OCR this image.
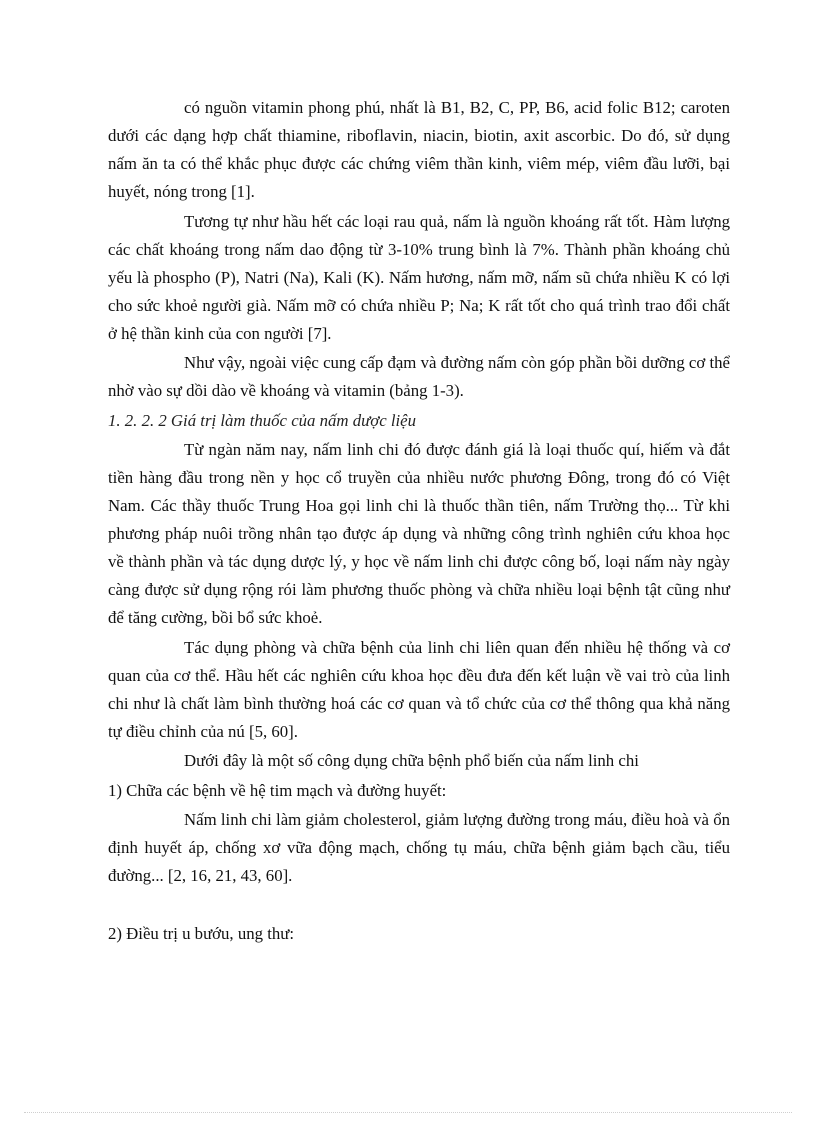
có nguồn vitamin phong phú, nhất là B1, B2, C, PP, B6, acid folic B12; caroten dưới các dạng hợp chất thiamine, riboflavin, niacin, biotin, axit ascorbic. Do đó, sử dụng nấm ăn ta có thể khắc phục được các chứng viêm thần kinh, viêm mép, viêm đầu lưỡi, bại huyết, nóng trong [1].

Tương tự như hầu hết các loại rau quả, nấm là nguồn khoáng rất tốt. Hàm lượng các chất khoáng trong nấm dao động từ 3-10% trung bình là 7%. Thành phần khoáng chủ yếu là phospho (P), Natri (Na), Kali (K). Nấm hương, nấm mỡ, nấm sũ chứa nhiều K có lợi cho sức khoẻ người già. Nấm mỡ có chứa nhiều P; Na; K rất tốt cho quá trình trao đổi chất ở hệ thần kinh của con người [7].

Như vậy, ngoài việc cung cấp đạm và đường nấm còn góp phần bồi dưỡng cơ thể nhờ vào sự dồi dào về khoáng và vitamin (bảng 1-3).

1. 2. 2. 2 Giá trị làm thuốc của nấm dược liệu

Từ ngàn năm nay, nấm linh chi đó được đánh giá là loại thuốc quí, hiếm và đắt tiền hàng đầu trong nền y học cổ truyền của nhiều nước phương Đông, trong đó có Việt Nam. Các thầy thuốc Trung Hoa gọi linh chi là thuốc thần tiên, nấm Trường thọ... Từ khi phương pháp nuôi trồng nhân tạo được áp dụng và những công trình nghiên cứu khoa học về thành phần và tác dụng dược lý, y học về nấm linh chi được công bố, loại nấm này ngày càng được sử dụng rộng rói làm phương thuốc phòng và chữa nhiều loại bệnh tật cũng như để tăng cường, bồi bổ sức khoẻ.

Tác dụng phòng và chữa bệnh của linh chi liên quan đến nhiều hệ thống và cơ quan của cơ thể. Hầu hết các nghiên cứu khoa học đều đưa đến kết luận về vai trò của linh chi như là chất làm bình thường hoá các cơ quan và tổ chức của cơ thể thông qua khả năng tự điều chỉnh của nú [5, 60].

Dưới đây là một số công dụng chữa bệnh phổ biến của nấm linh chi

1) Chữa các bệnh về hệ tim mạch và đường huyết:

Nấm linh chi làm giảm cholesterol, giảm lượng đường trong máu, điều hoà và ổn định huyết áp, chống xơ vữa động mạch, chống tụ máu, chữa bệnh giảm bạch cầu, tiểu đường... [2, 16, 21, 43, 60].

2) Điều trị u bướu, ung thư:
